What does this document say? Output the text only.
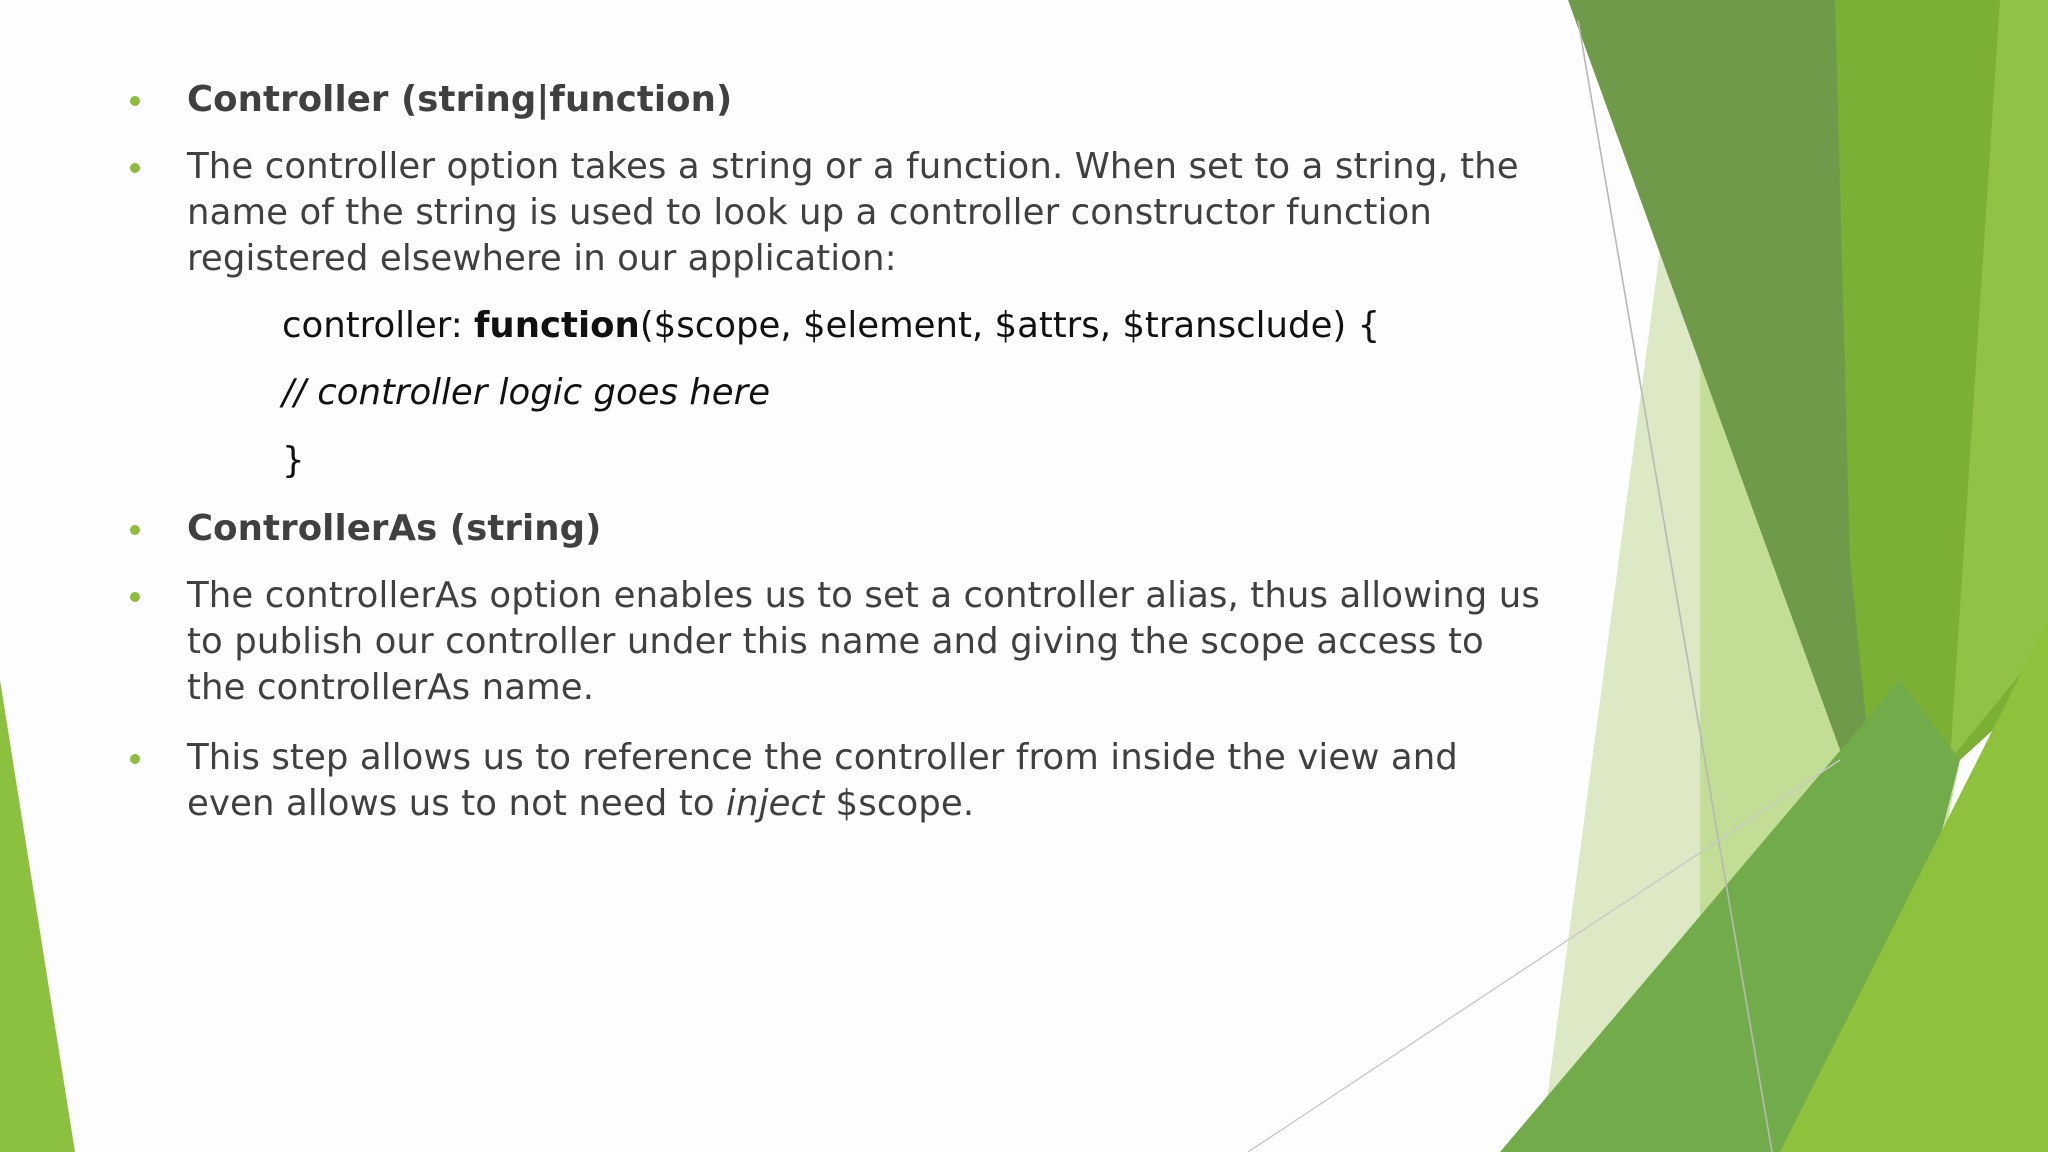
Controller (string|function)
The controller option takes a string or a function. When set to a string, the name of the string is used to look up a controller constructor function registered elsewhere in our application:
controller: function($scope, $element, $attrs, $transclude) {
// controller logic goes here
}
ControllerAs (string)
The controllerAs option enables us to set a controller alias, thus allowing us to publish our controller under this name and giving the scope access to the controllerAs name.
This step allows us to reference the controller from inside the view and even allows us to not need to inject $scope.
